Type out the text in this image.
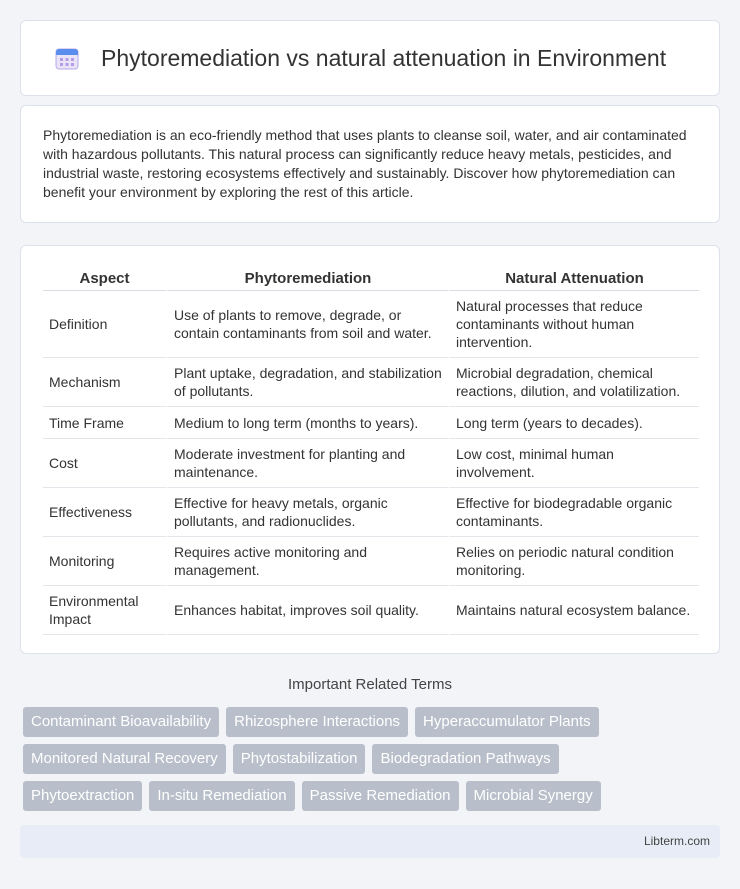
Phytoremediation vs natural attenuation in Environment

Phytoremediation is an eco-friendly method that uses plants to cleanse soil, water, and air contaminated with hazardous pollutants. This natural process can significantly reduce heavy metals, pesticides, and industrial waste, restoring ecosystems effectively and sustainably. Discover how phytoremediation can benefit your environment by exploring the rest of this article.

Aspect	Phytoremediation	Natural Attenuation
Definition	Use of plants to remove, degrade, or contain contaminants from soil and water.	Natural processes that reduce contaminants without human intervention.
Mechanism	Plant uptake, degradation, and stabilization of pollutants.	Microbial degradation, chemical reactions, dilution, and volatilization.
Time Frame	Medium to long term (months to years).	Long term (years to decades).
Cost	Moderate investment for planting and maintenance.	Low cost, minimal human involvement.
Effectiveness	Effective for heavy metals, organic pollutants, and radionuclides.	Effective for biodegradable organic contaminants.
Monitoring	Requires active monitoring and management.	Relies on periodic natural condition monitoring.
Environmental Impact	Enhances habitat, improves soil quality.	Maintains natural ecosystem balance.
Important Related Terms
Contaminant Bioavailability	Rhizosphere Interactions	Hyperaccumulator Plants
Monitored Natural Recovery	Phytostabilization	Biodegradation Pathways
Phytoextraction	In-situ Remediation	Passive Remediation	Microbial Synergy
Libterm.com
